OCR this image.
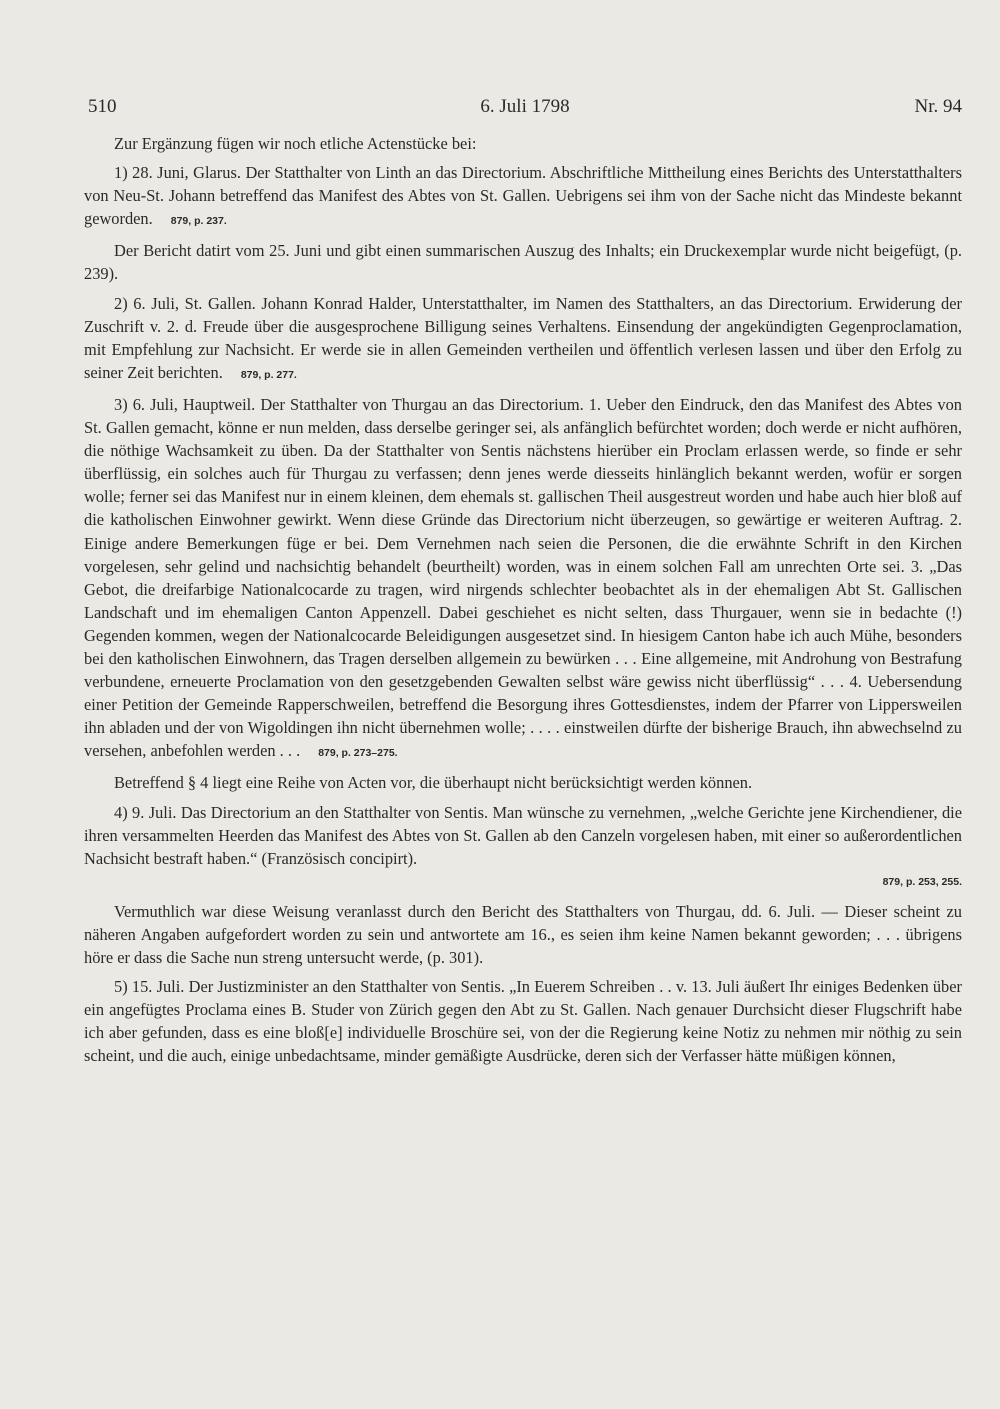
510	6. Juli 1798	Nr. 94

Zur Ergänzung fügen wir noch etliche Actenstücke bei:

1) 28. Juni, Glarus. Der Statthalter von Linth an das Directorium. Abschriftliche Mittheilung eines Berichts des Unterstatthalters von Neu-St. Johann betreffend das Manifest des Abtes von St. Gallen. Uebrigens sei ihm von der Sache nicht das Mindeste bekannt geworden. 879, p. 237.

Der Bericht datirt vom 25. Juni und gibt einen summarischen Auszug des Inhalts; ein Druckexemplar wurde nicht beigefügt, (p. 239).

2) 6. Juli, St. Gallen. Johann Konrad Halder, Unterstatthalter, im Namen des Statthalters, an das Directorium. Erwiderung der Zuschrift v. 2. d. Freude über die ausgesprochene Billigung seines Verhaltens. Einsendung der angekündigten Gegenproclamation, mit Empfehlung zur Nachsicht. Er werde sie in allen Gemeinden vertheilen und öffentlich verlesen lassen und über den Erfolg zu seiner Zeit berichten. 879, p. 277.

3) 6. Juli, Hauptweil. Der Statthalter von Thurgau an das Directorium. 1. Ueber den Eindruck, den das Manifest des Abtes von St. Gallen gemacht, könne er nun melden, dass derselbe geringer sei, als anfänglich befürchtet worden; doch werde er nicht aufhören, die nöthige Wachsamkeit zu üben. Da der Statthalter von Sentis nächstens hierüber ein Proclam erlassen werde, so finde er sehr überflüssig, ein solches auch für Thurgau zu verfassen; denn jenes werde diesseits hinlänglich bekannt werden, wofür er sorgen wolle; ferner sei das Manifest nur in einem kleinen, dem ehemals st. gallischen Theil ausgestreut worden und habe auch hier bloß auf die katholischen Einwohner gewirkt. Wenn diese Gründe das Directorium nicht überzeugen, so gewärtige er weiteren Auftrag. 2. Einige andere Bemerkungen füge er bei. Dem Vernehmen nach seien die Personen, die die erwähnte Schrift in den Kirchen vorgelesen, sehr gelind und nachsichtig behandelt (beurtheilt) worden, was in einem solchen Fall am unrechten Orte sei. 3. „Das Gebot, die dreifarbige Nationalcocarde zu tragen, wird nirgends schlechter beobachtet als in der ehemaligen Abt St. Gallischen Landschaft und im ehemaligen Canton Appenzell. Dabei geschiehet es nicht selten, dass Thurgauer, wenn sie in bedachte (!) Gegenden kommen, wegen der Nationalcocarde Beleidigungen ausgesetzet sind. In hiesigem Canton habe ich auch Mühe, besonders bei den katholischen Einwohnern, das Tragen derselben allgemein zu bewürken . . . Eine allgemeine, mit Androhung von Bestrafung verbundene, erneuerte Proclamation von den gesetzgebenden Gewalten selbst wäre gewiss nicht überflüssig“ . . . 4. Uebersendung einer Petition der Gemeinde Rapperschweilen, betreffend die Besorgung ihres Gottesdienstes, indem der Pfarrer von Lippersweilen ihn abladen und der von Wigoldingen ihn nicht übernehmen wolle; . . . . einstweilen dürfte der bisherige Brauch, ihn abwechselnd zu versehen, anbefohlen werden . . . 879, p. 273–275.

Betreffend § 4 liegt eine Reihe von Acten vor, die überhaupt nicht berücksichtigt werden können.

4) 9. Juli. Das Directorium an den Statthalter von Sentis. Man wünsche zu vernehmen, „welche Gerichte jene Kirchendiener, die ihren versammelten Heerden das Manifest des Abtes von St. Gallen ab den Canzeln vorgelesen haben, mit einer so außerordentlichen Nachsicht bestraft haben.“ (Französisch concipirt).
879, p. 253, 255.

Vermuthlich war diese Weisung veranlasst durch den Bericht des Statthalters von Thurgau, dd. 6. Juli. — Dieser scheint zu näheren Angaben aufgefordert worden zu sein und antwortete am 16., es seien ihm keine Namen bekannt geworden; . . . übrigens höre er dass die Sache nun streng untersucht werde, (p. 301).

5) 15. Juli. Der Justizminister an den Statthalter von Sentis. „In Euerem Schreiben . . v. 13. Juli äußert Ihr einiges Bedenken über ein angefügtes Proclama eines B. Studer von Zürich gegen den Abt zu St. Gallen. Nach genauer Durchsicht dieser Flugschrift habe ich aber gefunden, dass es eine bloß[e] individuelle Broschüre sei, von der die Regierung keine Notiz zu nehmen mir nöthig zu sein scheint, und die auch, einige unbedachtsame, minder gemäßigte Ausdrücke, deren sich der Verfasser hätte müßigen können,
